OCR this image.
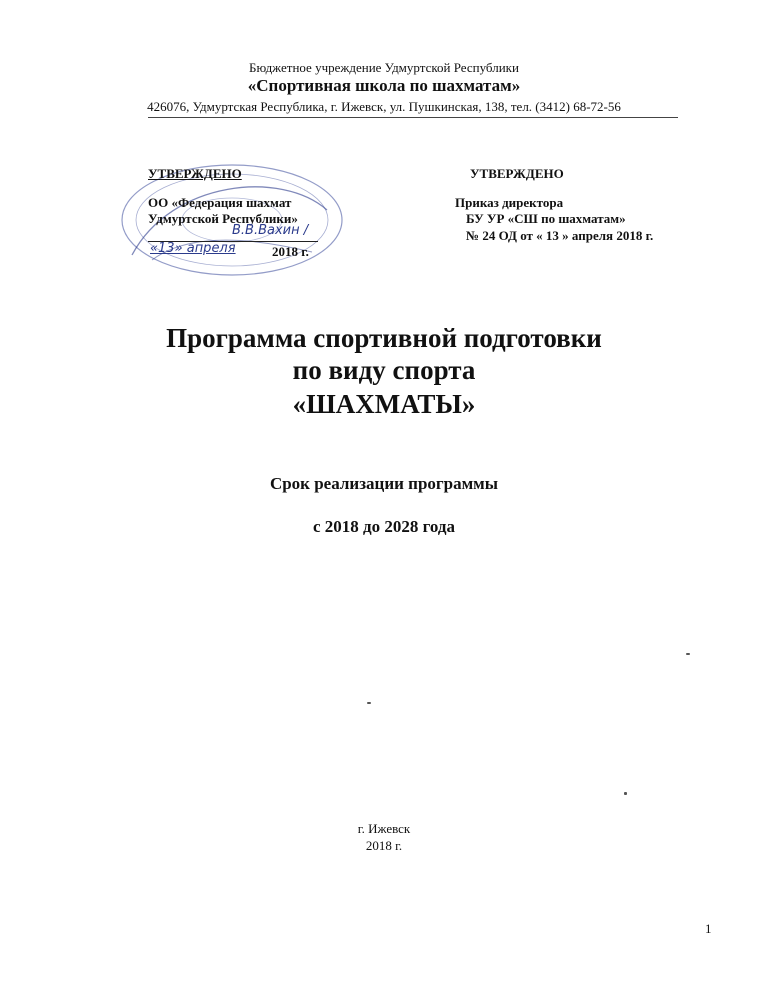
Бюджетное учреждение Удмуртской Республики
«Спортивная школа по шахматам»
426076, Удмуртская Республика, г. Ижевск, ул. Пушкинская, 138, тел. (3412) 68-72-56
УТВЕРЖДЕНО
ОО «Федерация шахмат
Удмуртской Республики»
В.В.Вахин /
«13» апреля	2018 г.
УТВЕРЖДЕНО
Приказ директора
БУ УР «СШ по шахматам»
№ 24 ОД от « 13 » апреля 2018 г.
Программа спортивной подготовки
по виду спорта
«ШАХМАТЫ»
Срок реализации программы
с 2018 до 2028 года
г. Ижевск
2018 г.
1
